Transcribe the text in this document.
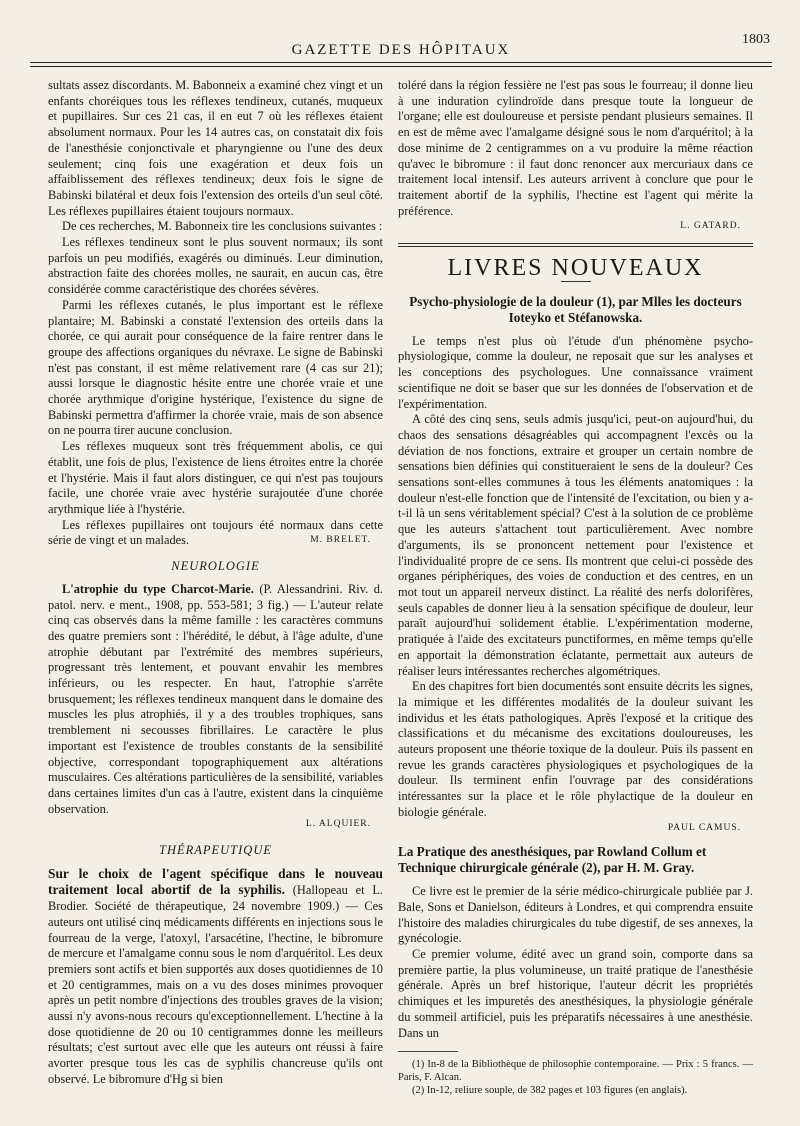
GAZETTE DES HÔPITAUX
1803

sultats assez discordants. M. Babonneix a examiné chez vingt et un enfants choréiques tous les réflexes tendineux, cutanés, muqueux et pupillaires. Sur ces 21 cas, il en eut 7 où les réflexes étaient absolument normaux. Pour les 14 autres cas, on constatait dix fois de l'anesthésie conjonctivale et pharyngienne ou l'une des deux seulement; cinq fois une exagération et deux fois un affaiblissement des réflexes tendineux; deux fois le signe de Babinski bilatéral et deux fois l'extension des orteils d'un seul côté. Les réflexes pupillaires étaient toujours normaux.

De ces recherches, M. Babonneix tire les conclusions suivantes :

Les réflexes tendineux sont le plus souvent normaux; ils sont parfois un peu modifiés, exagérés ou diminués. Leur diminution, abstraction faite des chorées molles, ne saurait, en aucun cas, être considérée comme caractéristique des chorées sévères.

Parmi les réflexes cutanés, le plus important est le réflexe plantaire; M. Babinski a constaté l'extension des orteils dans la chorée, ce qui aurait pour conséquence de la faire rentrer dans le groupe des affections organiques du névraxe. Le signe de Babinski n'est pas constant, il est même relativement rare (4 cas sur 21); aussi lorsque le diagnostic hésite entre une chorée vraie et une chorée arythmique d'origine hystérique, l'existence du signe de Babinski permettra d'affirmer la chorée vraie, mais de son absence on ne pourra tirer aucune conclusion.

Les réflexes muqueux sont très fréquemment abolis, ce qui établit, une fois de plus, l'existence de liens étroites entre la chorée et l'hystérie. Mais il faut alors distinguer, ce qui n'est pas toujours facile, une chorée vraie avec hystérie surajoutée d'une chorée arythmique liée à l'hystérie.

Les réflexes pupillaires ont toujours été normaux dans cette série de vingt et un malades.	M. BRELET.

NEUROLOGIE

L'atrophie du type Charcot-Marie. (P. Alessandrini. Riv. d. patol. nerv. e ment., 1908, pp. 553-581; 3 fig.) — L'auteur relate cinq cas observés dans la même famille : les caractères communs des quatre premiers sont : l'hérédité, le début, à l'âge adulte, d'une atrophie débutant par l'extrémité des membres supérieurs, progressant très lentement, et pouvant envahir les membres inférieurs, ou les respecter. En haut, l'atrophie s'arrête brusquement; les réflexes tendineux manquent dans le domaine des muscles les plus atrophiés, il y a des troubles trophiques, sans tremblement ni secousses fibrillaires. Le caractère le plus important est l'existence de troubles constants de la sensibilité objective, correspondant topographiquement aux altérations musculaires. Ces altérations particulières de la sensibilité, variables dans certaines limites d'un cas à l'autre, existent dans la cinquième observation.

L. ALQUIER.
THÉRAPEUTIQUE

Sur le choix de l'agent spécifique dans le nouveau traitement local abortif de la syphilis. (Hallopeau et L. Brodier. Société de thérapeutique, 24 novembre 1909.) — Ces auteurs ont utilisé cinq médicaments différents en injections sous le fourreau de la verge, l'atoxyl, l'arsacétine, l'hectine, le bibromure de mercure et l'amalgame connu sous le nom d'arquéritol. Les deux premiers sont actifs et bien supportés aux doses quotidiennes de 10 et 20 centigrammes, mais on a vu des doses minimes provoquer après un petit nombre d'injections des troubles graves de la vision; aussi n'y avons-nous recours qu'exceptionnellement. L'hectine à la dose quotidienne de 20 ou 10 centigrammes donne les meilleurs résultats; c'est surtout avec elle que les auteurs ont réussi à faire avorter presque tous les cas de syphilis chancreuse qu'ils ont observé. Le bibromure d'Hg si bien

toléré dans la région fessière ne l'est pas sous le fourreau; il donne lieu à une induration cylindroïde dans presque toute la longueur de l'organe; elle est douloureuse et persiste pendant plusieurs semaines. Il en est de même avec l'amalgame désigné sous le nom d'arquéritol; à la dose minime de 2 centigrammes on a vu produire la même réaction qu'avec le bibromure : il faut donc renoncer aux mercuriaux dans ce traitement local intensif. Les auteurs arrivent à conclure que pour le traitement abortif de la syphilis, l'hectine est l'agent qui mérite la préférence.

L. GATARD.
LIVRES NOUVEAUX
Psycho-physiologie de la douleur (1), par Mlles les docteurs Ioteyko et Stéfanowska.

Le temps n'est plus où l'étude d'un phénomène psycho-physiologique, comme la douleur, ne reposait que sur les analyses et les conceptions des psychologues. Une connaissance vraiment scientifique ne doit se baser que sur les données de l'observation et de l'expérimentation.

A côté des cinq sens, seuls admis jusqu'ici, peut-on aujourd'hui, du chaos des sensations désagréables qui accompagnent l'excès ou la déviation de nos fonctions, extraire et grouper un certain nombre de sensations bien définies qui constitueraient le sens de la douleur? Ces sensations sont-elles communes à tous les éléments anatomiques : la douleur n'est-elle fonction que de l'intensité de l'excitation, ou bien y a-t-il là un sens véritablement spécial? C'est à la solution de ce problème que les auteurs s'attachent tout particulièrement. Avec nombre d'arguments, ils se prononcent nettement pour l'existence et l'individualité propre de ce sens. Ils montrent que celui-ci possède des organes périphériques, des voies de conduction et des centres, en un mot tout un appareil nerveux distinct. La réalité des nerfs dolorifères, seuls capables de donner lieu à la sensation spécifique de douleur, leur paraît aujourd'hui solidement établie. L'expérimentation moderne, pratiquée à l'aide des excitateurs punctiformes, en même temps qu'elle en apportait la démonstration éclatante, permettait aux auteurs de réaliser leurs intéressantes recherches algométriques.

En des chapitres fort bien documentés sont ensuite décrits les signes, la mimique et les différentes modalités de la douleur suivant les individus et les états pathologiques. Après l'exposé et la critique des classifications et du mécanisme des excitations douloureuses, les auteurs proposent une théorie toxique de la douleur. Puis ils passent en revue les grands caractères physiologiques et psychologiques de la douleur. Ils terminent enfin l'ouvrage par des considérations intéressantes sur la place et le rôle phylactique de la douleur en biologie générale.

PAUL CAMUS.
La Pratique des anesthésiques, par Rowland Collum et Technique chirurgicale générale (2), par H. M. Gray.

Ce livre est le premier de la série médico-chirurgicale publiée par J. Bale, Sons et Danielson, éditeurs à Londres, et qui comprendra ensuite l'histoire des maladies chirurgicales du tube digestif, de ses annexes, la gynécologie.

Ce premier volume, édité avec un grand soin, comporte dans sa première partie, la plus volumineuse, un traité pratique de l'anesthésie générale. Après un bref historique, l'auteur décrit les propriétés chimiques et les impuretés des anesthésiques, la physiologie générale du sommeil artificiel, puis les préparatifs nécessaires à une anesthésie. Dans un

(1) In-8 de la Bibliothèque de philosophie contemporaine. — Prix : 5 francs. — Paris, F. Alcan.

(2) In-12, reliure souple, de 382 pages et 103 figures (en anglais).
